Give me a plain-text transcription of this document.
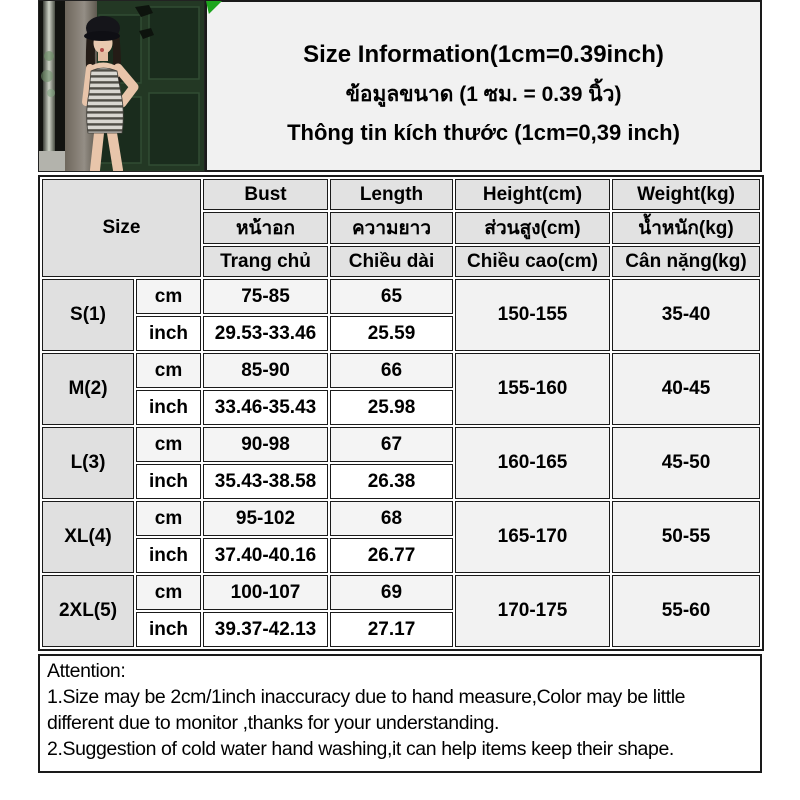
Size Information(1cm=0.39inch)
ข้อมูลขนาด (1 ซม. = 0.39 นิ้ว)
Thông tin kích thước (1cm=0,39 inch)
Size		Bust	Length	Height(cm)	Weight(kg)
		หน้าอก	ความยาว	ส่วนสูง(cm)	น้ำหนัก(kg)
		Trang chủ	Chiều dài	Chiều cao(cm)	Cân nặng(kg)
S(1)	cm	75-85	65	150-155	35-40
	inch	29.53-33.46	25.59		
M(2)	cm	85-90	66	155-160	40-45
	inch	33.46-35.43	25.98		
L(3)	cm	90-98	67	160-165	45-50
	inch	35.43-38.58	26.38		
XL(4)	cm	95-102	68	165-170	50-55
	inch	37.40-40.16	26.77		
2XL(5)	cm	100-107	69	170-175	55-60
	inch	39.37-42.13	27.17		

Attention:

1.Size may be 2cm/1inch inaccuracy due to hand measure,Color may be little different due to monitor ,thanks for your understanding.

2.Suggestion of cold water hand washing,it can help items keep their shape.
